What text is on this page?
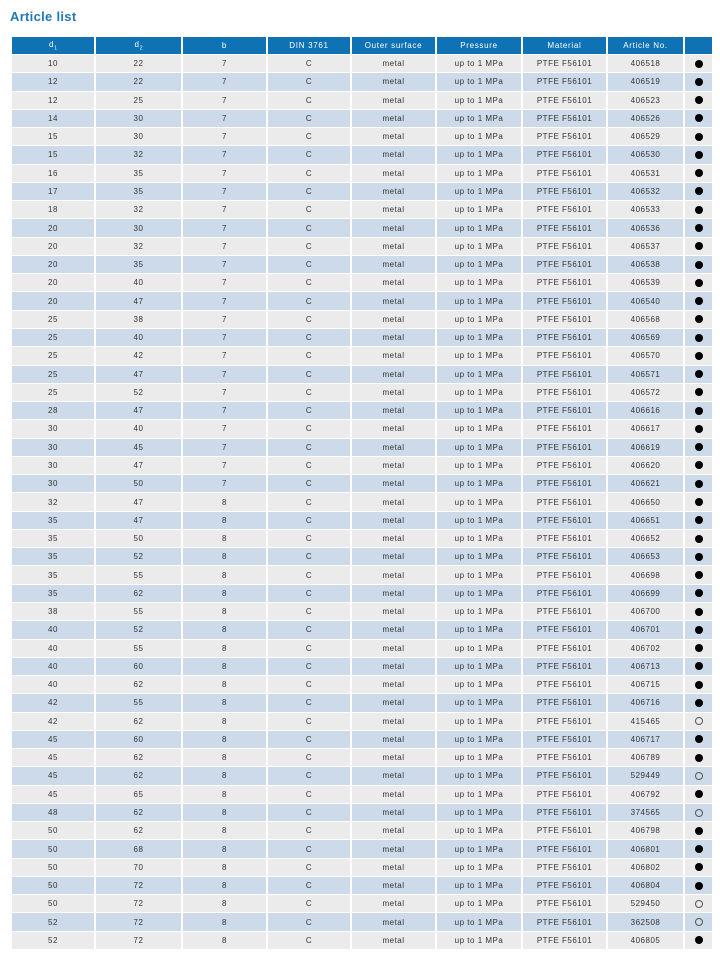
Article list
$d_1$	$d_2$	b	DIN 3761	Outer surface	Pressure	Material	Article No.	
10	22	7	C	metal	up to 1 MPa	PTFE F56101	406518	
12	22	7	C	metal	up to 1 MPa	PTFE F56101	406519	
12	25	7	C	metal	up to 1 MPa	PTFE F56101	406523	
14	30	7	C	metal	up to 1 MPa	PTFE F56101	406526	
15	30	7	C	metal	up to 1 MPa	PTFE F56101	406529	
15	32	7	C	metal	up to 1 MPa	PTFE F56101	406530	
16	35	7	C	metal	up to 1 MPa	PTFE F56101	406531	
17	35	7	C	metal	up to 1 MPa	PTFE F56101	406532	
18	32	7	C	metal	up to 1 MPa	PTFE F56101	406533	
20	30	7	C	metal	up to 1 MPa	PTFE F56101	406536	
20	32	7	C	metal	up to 1 MPa	PTFE F56101	406537	
20	35	7	C	metal	up to 1 MPa	PTFE F56101	406538	
20	40	7	C	metal	up to 1 MPa	PTFE F56101	406539	
20	47	7	C	metal	up to 1 MPa	PTFE F56101	406540	
25	38	7	C	metal	up to 1 MPa	PTFE F56101	406568	
25	40	7	C	metal	up to 1 MPa	PTFE F56101	406569	
25	42	7	C	metal	up to 1 MPa	PTFE F56101	406570	
25	47	7	C	metal	up to 1 MPa	PTFE F56101	406571	
25	52	7	C	metal	up to 1 MPa	PTFE F56101	406572	
28	47	7	C	metal	up to 1 MPa	PTFE F56101	406616	
30	40	7	C	metal	up to 1 MPa	PTFE F56101	406617	
30	45	7	C	metal	up to 1 MPa	PTFE F56101	406619	
30	47	7	C	metal	up to 1 MPa	PTFE F56101	406620	
30	50	7	C	metal	up to 1 MPa	PTFE F56101	406621	
32	47	8	C	metal	up to 1 MPa	PTFE F56101	406650	
35	47	8	C	metal	up to 1 MPa	PTFE F56101	406651	
35	50	8	C	metal	up to 1 MPa	PTFE F56101	406652	
35	52	8	C	metal	up to 1 MPa	PTFE F56101	406653	
35	55	8	C	metal	up to 1 MPa	PTFE F56101	406698	
35	62	8	C	metal	up to 1 MPa	PTFE F56101	406699	
38	55	8	C	metal	up to 1 MPa	PTFE F56101	406700	
40	52	8	C	metal	up to 1 MPa	PTFE F56101	406701	
40	55	8	C	metal	up to 1 MPa	PTFE F56101	406702	
40	60	8	C	metal	up to 1 MPa	PTFE F56101	406713	
40	62	8	C	metal	up to 1 MPa	PTFE F56101	406715	
42	55	8	C	metal	up to 1 MPa	PTFE F56101	406716	
42	62	8	C	metal	up to 1 MPa	PTFE F56101	415465	
45	60	8	C	metal	up to 1 MPa	PTFE F56101	406717	
45	62	8	C	metal	up to 1 MPa	PTFE F56101	406789	
45	62	8	C	metal	up to 1 MPa	PTFE F56101	529449	
45	65	8	C	metal	up to 1 MPa	PTFE F56101	406792	
48	62	8	C	metal	up to 1 MPa	PTFE F56101	374565	
50	62	8	C	metal	up to 1 MPa	PTFE F56101	406798	
50	68	8	C	metal	up to 1 MPa	PTFE F56101	406801	
50	70	8	C	metal	up to 1 MPa	PTFE F56101	406802	
50	72	8	C	metal	up to 1 MPa	PTFE F56101	406804	
50	72	8	C	metal	up to 1 MPa	PTFE F56101	529450	
52	72	8	C	metal	up to 1 MPa	PTFE F56101	362508	
52	72	8	C	metal	up to 1 MPa	PTFE F56101	406805	
